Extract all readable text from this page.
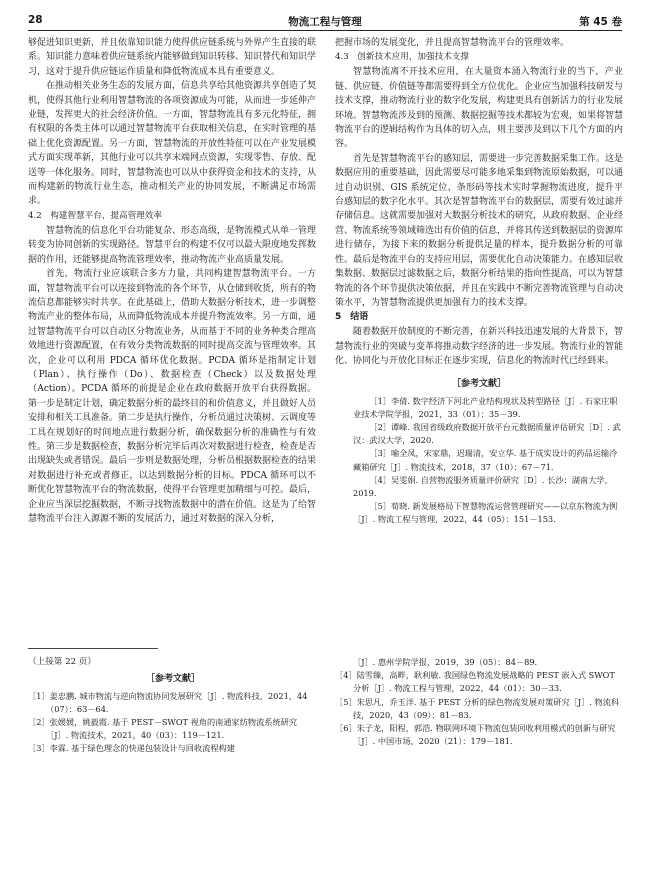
28	物流工程与管理	第 45 卷

够促进知识更新，并且依靠知识能力使得供应链系统与外界产生直接的联系。知识能力意味着供应链系统内能够做到知识转移、知识替代和知识学习，这对于提升供应链运作质量和降低物流成本具有重要意义。

在推动相关业务生态的发展方面，信息共享给其他资源共享创造了契机，使得其他行业利用智慧物流的各项资源成为可能，从而进一步延伸产业链，发挥更大的社会经济价值。一方面，智慧物流具有多元化特征，拥有权限的各类主体可以通过智慧物流平台获取相关信息，在实时管理的基础上优化资源配置。另一方面，智慧物流的开放性特征可以在产业发展模式方面实现革新，其他行业可以共享末端网点资源，实现零售、存放、配送等一体化服务。同时，智慧物流也可以从中获得资金和技术的支持，从而构建新的物流行业生态，推动相关产业的协同发展，不断满足市场需求。

4.2　构建智慧平台，提高管理效率

智慧物流的信息化平台功能复杂、形态高级，是物流模式从单一管理转变为协同创新的实现路径。智慧平台的构建不仅可以最大限度地发挥数据的作用，还能够提高物流管理效率，推动物流产业高质量发展。

首先，物流行业应该联合多方力量，共同构建智慧物流平台。一方面，智慧物流平台可以连接到物流的各个环节，从仓储到收货，所有的物流信息都能够实时共享。在此基础上，借助大数据分析技术，进一步调整物流产业的整体布局，从而降低物流成本并提升物流效率。另一方面，通过智慧物流平台可以自动区分物流业务，从而基于不同的业务种类合理高效地进行资源配置，在有效分类物流数据的同时提高交流与管理效率。其次，企业可以利用 PDCA 循环优化数据。PCDA 循环是指制定计划（Plan）、执行操作（Do）、数据检查（Check）以及数据处理（Action）。PCDA 循环的前提是企业在政府数据开放平台获得数据。第一步是制定计划，确定数据分析的最终目的和价值意义，并且做好人员安排和相关工具准备。第二步是执行操作，分析员通过决策树、云调度等工具在规划好的时间地点进行数据分析，确保数据分析的准确性与有效性。第三步是数据检查，数据分析完毕后再次对数据进行检查，检查是否出现缺失或者错误。最后一步则是数据处理，分析员根据数据检查的结果对数据进行补充或者修正，以达到数据分析的目标。PDCA 循环可以不断优化智慧物流平台的物流数据，使得平台管理更加精细与可控。最后，企业应当深层挖掘数据，不断寻找物流数据中的潜在价值。这是为了给智慧物流平台注入源源不断的发展活力，通过对数据的深入分析，

把握市场的发展变化，并且提高智慧物流平台的管理效率。

4.3　创新技术应用，加强技术支撑

智慧物流离不开技术应用，在大量资本涌入物流行业的当下，产业链、供应链、价值链等都需要得到全方位优化。企业应当加强科技研发与技术支撑，推动物流行业的数字化发展，构建更具有创新活力的行业发展环境。智慧物流涉及到的预测、数据挖掘等技术都较为宏观，如果将智慧物流平台的逻辑结构作为具体的切入点，则主要涉及到以下几个方面的内容。

首先是智慧物流平台的感知层，需要进一步完善数据采集工作。这是数据应用的重要基础，因此需要尽可能多地采集到物流原始数据，可以通过自动识别、GIS 系统定位、条形码等技术实时掌握物流进度，提升平台感知层的数字化水平。其次是智慧物流平台的数据层，需要有效过滤并存储信息。这就需要加强对大数据分析技术的研究，从政府数据、企业经营、物流系统等领域筛选出有价值的信息，并将其传送到数据层的资源库进行储存，为接下来的数据分析提供足量的样本，提升数据分析的可靠性。最后是物流平台的支持应用层，需要优化自动决策能力。在感知层收集数据、数据层过滤数据之后，数据分析结果的指向性提高，可以为智慧物流的各个环节提供决策依据，并且在实践中不断完善物流管理与自动决策水平，为智慧物流提供更加强有力的技术支撑。

5　结语

随着数据开放制度的不断完善，在新兴科技迅速发展的大背景下，智慧物流行业的突破与变革将推动数字经济的进一步发展。物流行业的智能化、协同化与开放化目标正在逐步实现，信息化的物流时代已经到来。

［参考文献］

［1］李倩. 数字经济下河北产业结构现状及转型路径［J］. 石家庄职业技术学院学报，2021，33（01）：35－39.

［2］谭峰. 我国省级政府数据开放平台元数据质量评估研究［D］. 武汉：武汉大学，2020.

［3］喻全凤，宋家鼎，迟瑞清，安立华. 基于成实设计的药品运输冷藏箱研究［J］. 物流技术，2018，37（10）：67－71.

［4］吴雯娟. 自营物流服务质量评价研究［D］. 长沙：湖南大学，2019.

［5］荀晓. 新发展格局下智慧物流运营管理研究——以京东物流为例［J］. 物流工程与管理，2022，44（05）：151－153.

（上接第 22 页）

［参考文献］

［1］姜忠鹏. 城市物流与逆向物流协同发展研究［J］. 物流科技，2021，44（07）：63－64.

［2］张媛媛，姚毅霞. 基于 PEST－SWOT 视角的南通家纺物流系统研究［J］. 物流技术，2021，40（03）：119－121.

［3］李霖. 基于绿色理念的快递包装设计与回收流程构建

［J］. 惠州学院学报，2019，39（05）：84－89.

［4］陆雪臻，高畔，耿利敏. 我国绿色物流发展战略的 PEST 嵌入式 SWOT 分析［J］. 物流工程与管理，2022，44（01）：30－33.

［5］朱思凡，乔玉洋. 基于 PEST 分析的绿色物流发展对策研究［J］. 物流科技，2020，43（09）：81－83.

［6］朱子龙，阳程，郭浩. 物联网环境下物流包装回收利用模式的创新与研究［J］. 中国市场，2020（21）：179－181.
